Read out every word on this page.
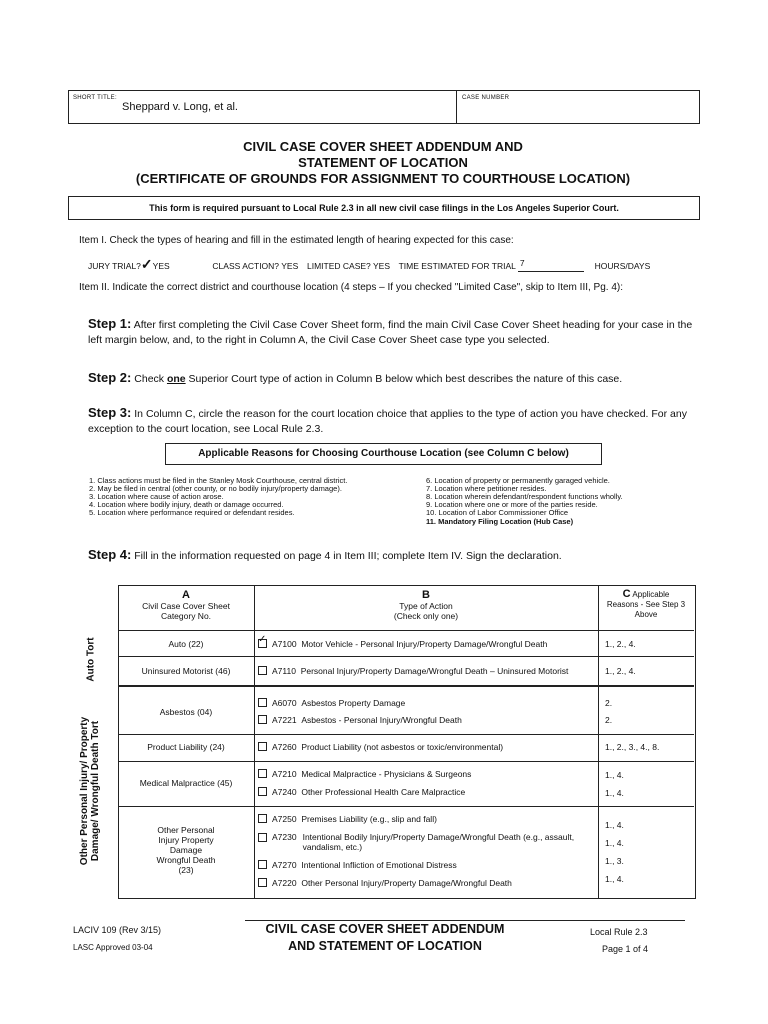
SHORT TITLE:
Sheppard v. Long, et al.
CASE NUMBER
CIVIL CASE COVER SHEET ADDENDUM AND
STATEMENT OF LOCATION
(CERTIFICATE OF GROUNDS FOR ASSIGNMENT TO COURTHOUSE LOCATION)
This form is required pursuant to Local Rule 2.3 in all new civil case filings in the Los Angeles Superior Court.
Item I. Check the types of hearing and fill in the estimated length of hearing expected for this case:
JURY TRIAL?✓YES	CLASS ACTION? YES LIMITED CASE? YES TIME ESTIMATED FOR TRIAL 7	HOURS/DAYS
Item II. Indicate the correct district and courthouse location (4 steps – If you checked "Limited Case", skip to Item III, Pg. 4):
Step 1: After first completing the Civil Case Cover Sheet form, find the main Civil Case Cover Sheet heading for your case in the left margin below, and, to the right in Column A, the Civil Case Cover Sheet case type you selected.
Step 2: Check one Superior Court type of action in Column B below which best describes the nature of this case.
Step 3: In Column C, circle the reason for the court location choice that applies to the type of action you have checked. For any exception to the court location, see Local Rule 2.3.
Applicable Reasons for Choosing Courthouse Location (see Column C below)
1. Class actions must be filed in the Stanley Mosk Courthouse, central district.
2. May be filed in central (other county, or no bodily injury/property damage).
3. Location where cause of action arose.
4. Location where bodily injury, death or damage occurred.
5. Location where performance required or defendant resides.
6. Location of property or permanently garaged vehicle.
7. Location where petitioner resides.
8. Location wherein defendant/respondent functions wholly.
9. Location where one or more of the parties reside.
10. Location of Labor Commissioner Office
11. Mandatory Filing Location (Hub Case)
Step 4: Fill in the information requested on page 4 in Item III; complete Item IV. Sign the declaration.
A
Civil Case Cover Sheet
Category No.
B
Type of Action
(Check only one)
C Applicable
Reasons - See Step 3
Above
Auto Tort
Other Personal Injury/ Property Damage/ Wrongful Death Tort
Auto (22)
✓	A7100 Motor Vehicle - Personal Injury/Property Damage/Wrongful Death	1., 2., 4.
Uninsured Motorist (46)	A7110 Personal Injury/Property Damage/Wrongful Death – Uninsured Motorist	1., 2., 4.
Asbestos (04)
A6070 Asbestos Property Damage	2.
A7221 Asbestos - Personal Injury/Wrongful Death	2.
Product Liability (24)	A7260 Product Liability (not asbestos or toxic/environmental)	1., 2., 3., 4., 8.
Medical Malpractice (45)
A7210 Medical Malpractice - Physicians & Surgeons	1., 4.
A7240 Other Professional Health Care Malpractice	1., 4.
Other Personal Injury Property Damage Wrongful Death (23)
A7250 Premises Liability (e.g., slip and fall)
1., 4.
A7230 Intentional Bodily Injury/Property Damage/Wrongful Death (e.g., assault, vandalism, etc.)	1., 4.
A7270 Intentional Infliction of Emotional Distress	1., 3.
A7220 Other Personal Injury/Property Damage/Wrongful Death	1., 4.
LACIV 109 (Rev 3/15)
LASC Approved 03-04
CIVIL CASE COVER SHEET ADDENDUM
AND STATEMENT OF LOCATION
Local Rule 2.3
Page 1 of 4
